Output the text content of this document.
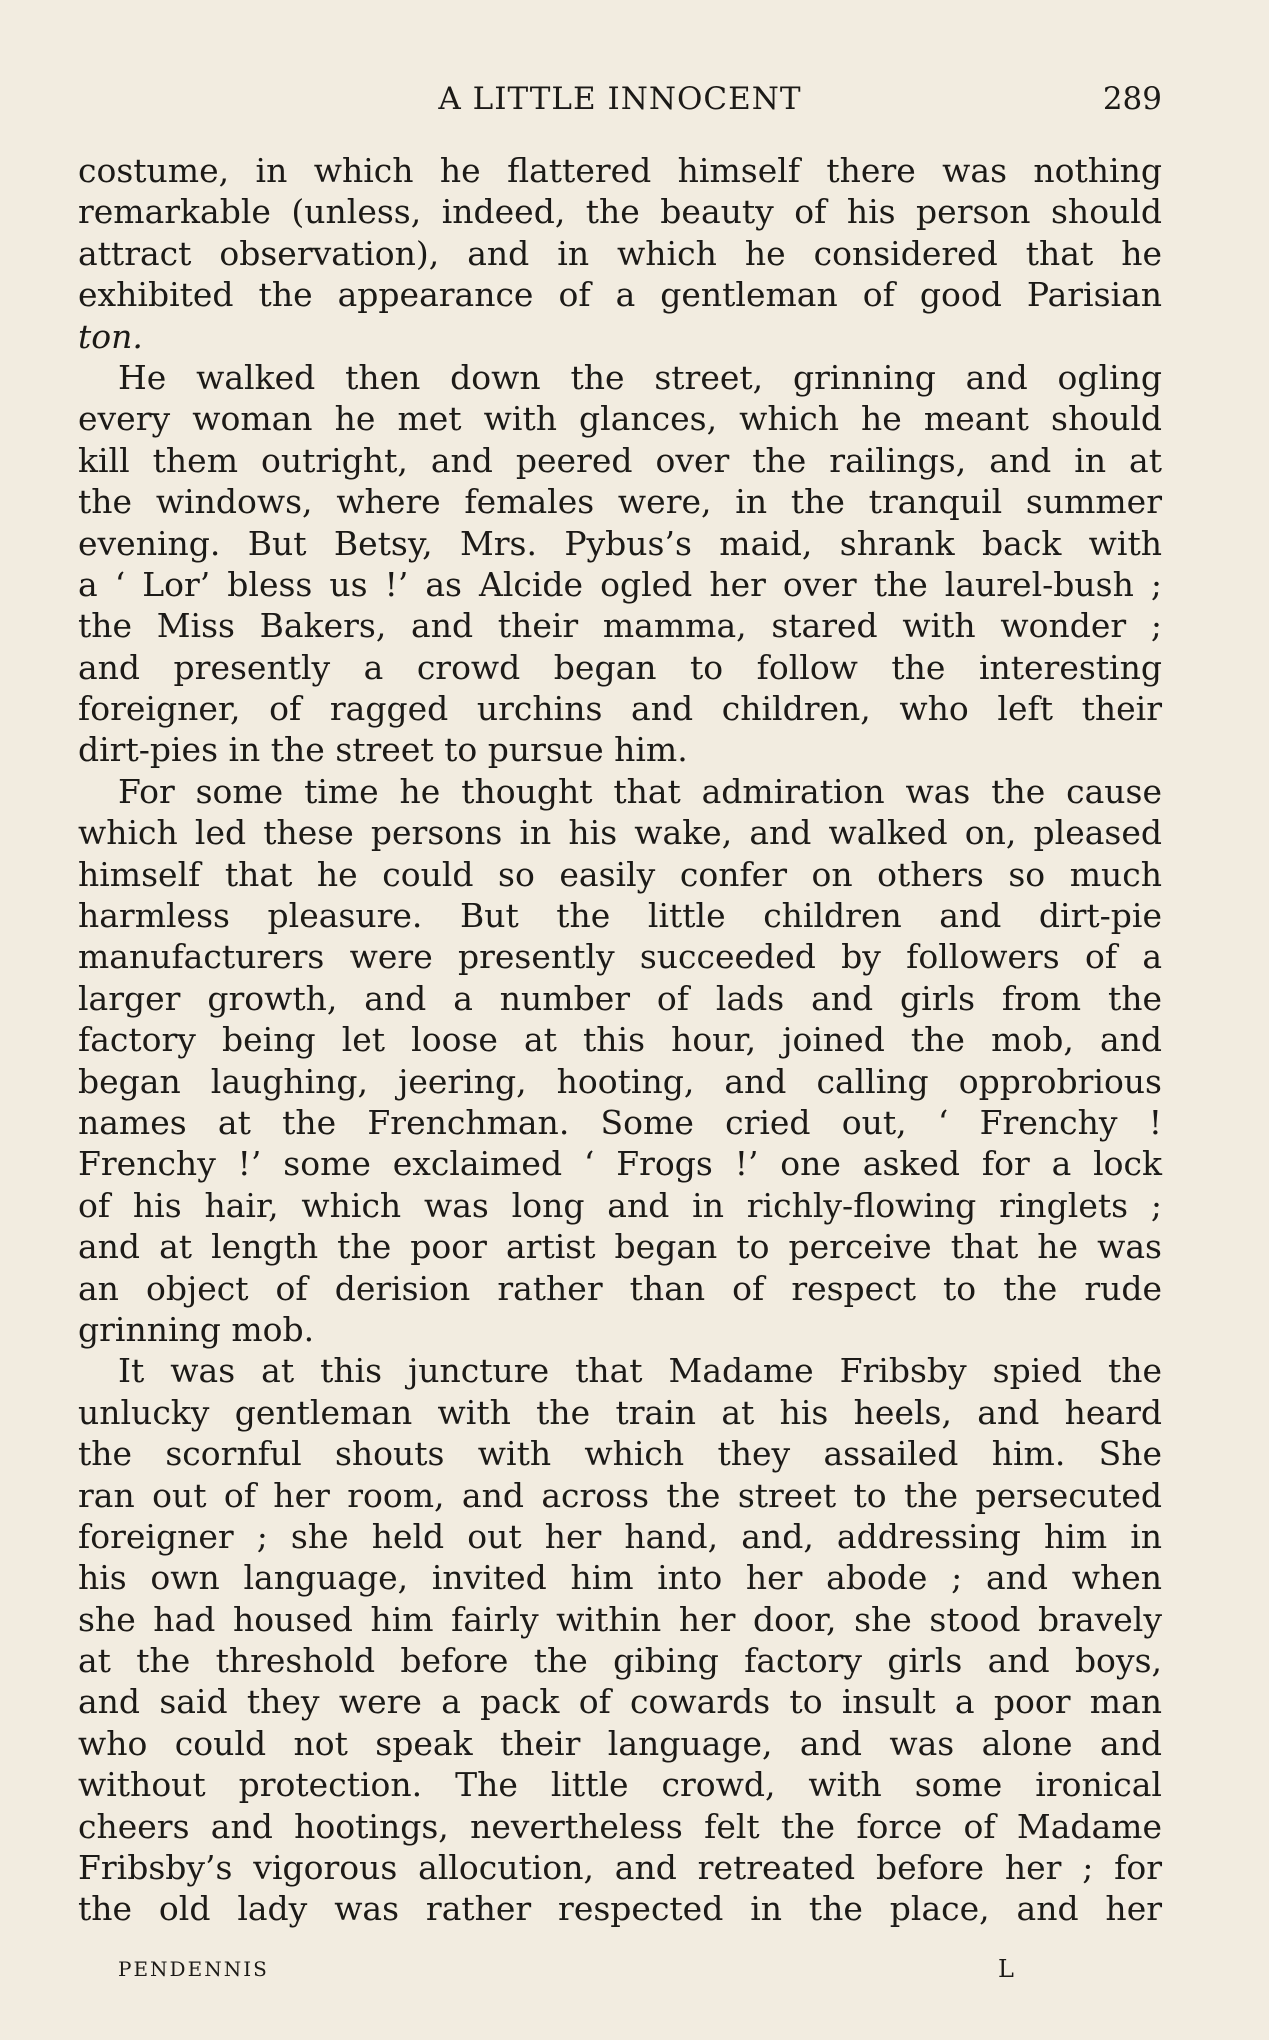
A LITTLE INNOCENT	289
costume, in which he flattered himself there was nothing
remarkable (unless, indeed, the beauty of his person should
attract observation), and in which he considered that he
exhibited the appearance of a gentleman of good Parisian
ton.
He walked then down the street, grinning and ogling
every woman he met with glances, which he meant should
kill them outright, and peered over the railings, and in at
the windows, where females were, in the tranquil summer
evening. But Betsy, Mrs. Pybus’s maid, shrank back with
a ‘ Lor’ bless us !’ as Alcide ogled her over the laurel-bush ;
the Miss Bakers, and their mamma, stared with wonder ;
and presently a crowd began to follow the interesting
foreigner, of ragged urchins and children, who left their
dirt-pies in the street to pursue him.
For some time he thought that admiration was the cause
which led these persons in his wake, and walked on, pleased
himself that he could so easily confer on others so much
harmless pleasure. But the little children and dirt-pie
manufacturers were presently succeeded by followers of a
larger growth, and a number of lads and girls from the
factory being let loose at this hour, joined the mob, and
began laughing, jeering, hooting, and calling opprobrious
names at the Frenchman. Some cried out, ‘ Frenchy !
Frenchy !’ some exclaimed ‘ Frogs !’ one asked for a lock
of his hair, which was long and in richly-flowing ringlets ;
and at length the poor artist began to perceive that he was
an object of derision rather than of respect to the rude
grinning mob.
It was at this juncture that Madame Fribsby spied the
unlucky gentleman with the train at his heels, and heard
the scornful shouts with which they assailed him. She
ran out of her room, and across the street to the persecuted
foreigner ; she held out her hand, and, addressing him in
his own language, invited him into her abode ; and when
she had housed him fairly within her door, she stood bravely
at the threshold before the gibing factory girls and boys,
and said they were a pack of cowards to insult a poor man
who could not speak their language, and was alone and
without protection. The little crowd, with some ironical
cheers and hootings, nevertheless felt the force of Madame
Fribsby’s vigorous allocution, and retreated before her ; for
the old lady was rather respected in the place, and her
PENDENNIS	L
